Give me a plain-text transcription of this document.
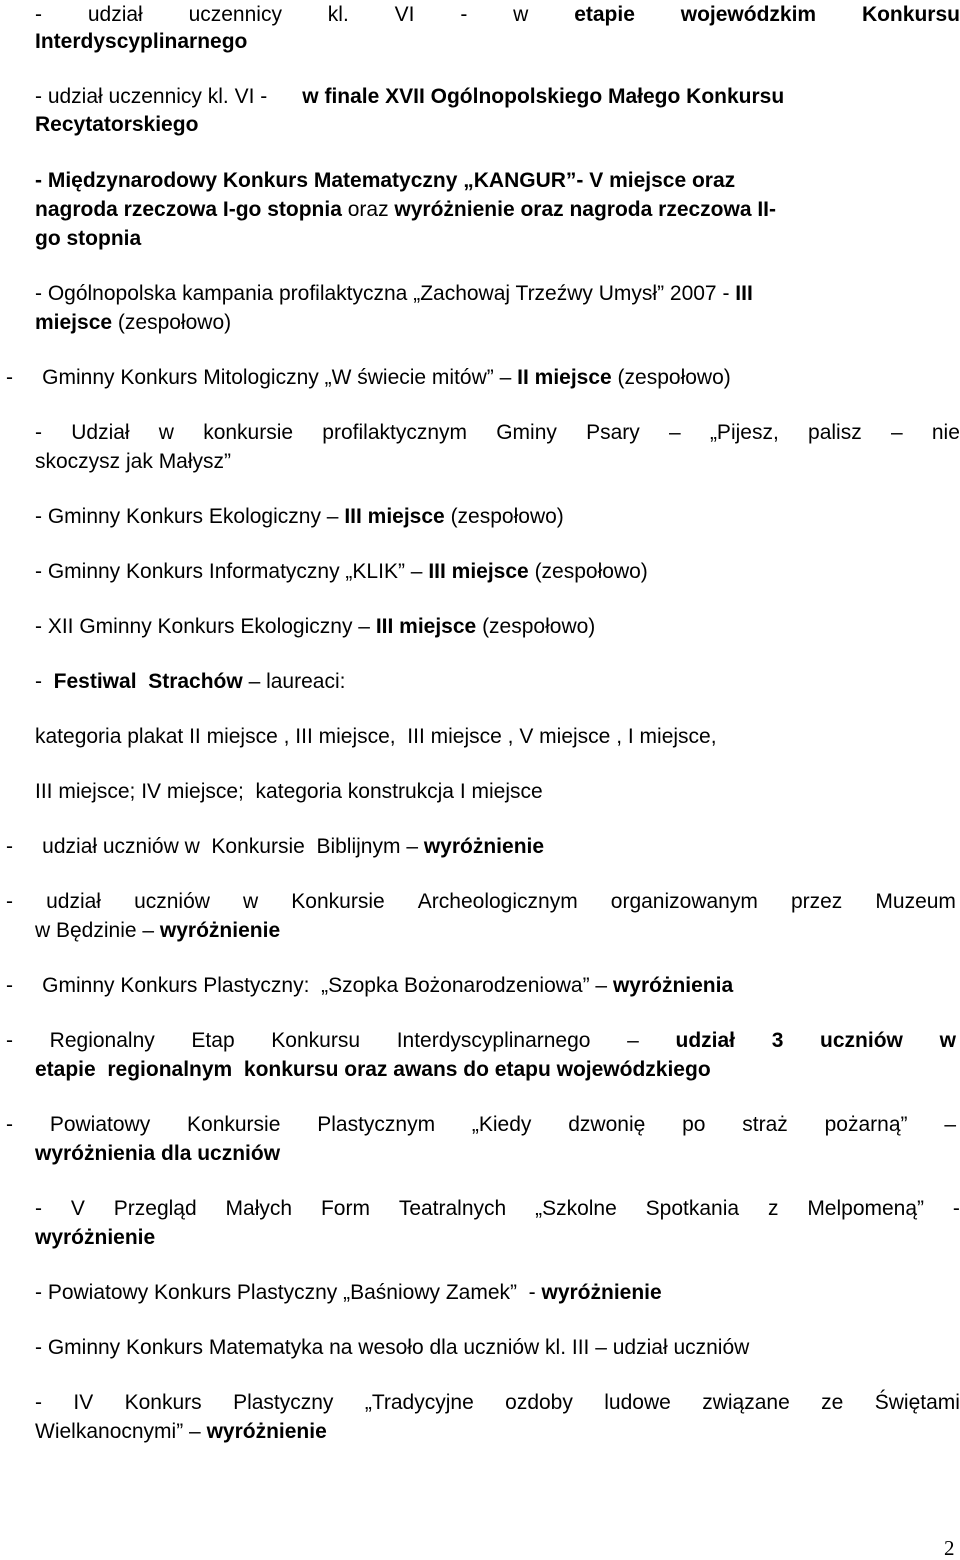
- udział uczennicy kl. VI - w etapie wojewódzkim Konkursu
Interdyscyplinarnego
- udział uczennicy kl. VI - w finale XVII Ogólnopolskiego Małego Konkursu
Recytatorskiego
- Międzynarodowy Konkurs Matematyczny „KANGUR”- V miejsce oraz
nagroda rzeczowa I-go stopnia oraz wyróżnienie oraz nagroda rzeczowa II-
go stopnia
- Ogólnopolska kampania profilaktyczna „Zachowaj Trzeźwy Umysł” 2007 - III
miejsce (zespołowo)
-     Gminny Konkurs Mitologiczny „W świecie mitów” – II miejsce (zespołowo)
- Udział w konkursie profilaktycznym Gminy Psary – „Pijesz, palisz – nie
skoczysz jak Małysz”
- Gminny Konkurs Ekologiczny – III miejsce (zespołowo)
- Gminny Konkurs Informatyczny „KLIK” – III miejsce (zespołowo)
- XII Gminny Konkurs Ekologiczny – III miejsce (zespołowo)
- Festiwal  Strachów – laureaci:
kategoria plakat II miejsce , III miejsce,  III miejsce , V miejsce , I miejsce,
III miejsce; IV miejsce;  kategoria konstrukcja I miejsce
-     udział uczniów w  Konkursie  Biblijnym – wyróżnienie
- udział uczniów w Konkursie Archeologicznym organizowanym przez Muzeum
w Będzinie – wyróżnienie
-     Gminny Konkurs Plastyczny:  „Szopka Bożonarodzeniowa” – wyróżnienia
- Regionalny Etap Konkursu Interdyscyplinarnego – udział 3 uczniów w
etapie  regionalnym  konkursu oraz awans do etapu wojewódzkiego
- Powiatowy Konkursie Plastycznym „Kiedy dzwonię po straż pożarną” –
wyróżnienia dla uczniów
- V Przegląd Małych Form Teatralnych „Szkolne Spotkania z Melpomeną” -
wyróżnienie
- Powiatowy Konkurs Plastyczny „Baśniowy Zamek”  - wyróżnienie
- Gminny Konkurs Matematyka na wesoło dla uczniów kl. III – udział uczniów
- IV Konkurs Plastyczny „Tradycyjne ozdoby ludowe związane ze Świętami
Wielkanocnymi” – wyróżnienie
2
